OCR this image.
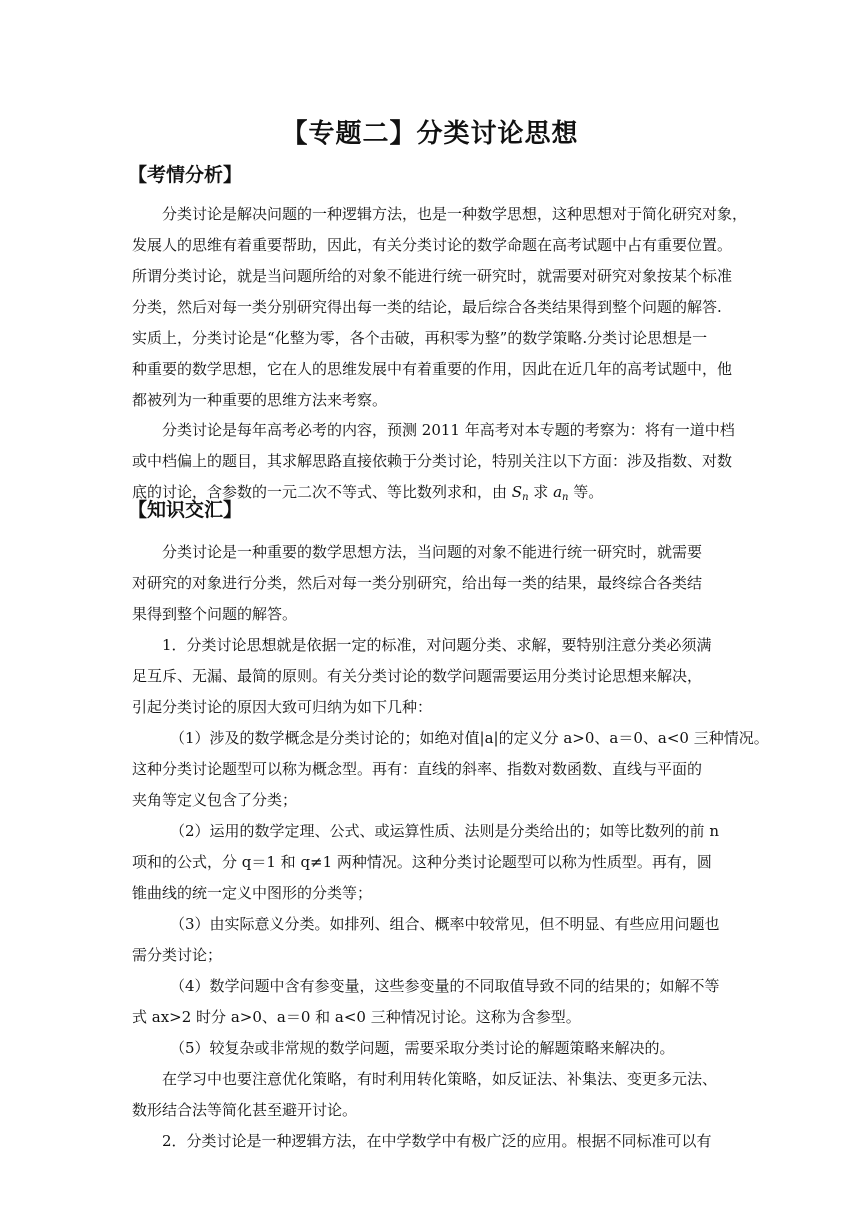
【专题二】分类讨论思想
【考情分析】
分类讨论是解决问题的一种逻辑方法，也是一种数学思想，这种思想对于简化研究对象，
发展人的思维有着重要帮助，因此，有关分类讨论的数学命题在高考试题中占有重要位置。
所谓分类讨论，就是当问题所给的对象不能进行统一研究时，就需要对研究对象按某个标准
分类，然后对每一类分别研究得出每一类的结论，最后综合各类结果得到整个问题的解答.
实质上，分类讨论是“化整为零，各个击破，再积零为整”的数学策略.分类讨论思想是一
种重要的数学思想，它在人的思维发展中有着重要的作用，因此在近几年的高考试题中，他
都被列为一种重要的思维方法来考察。
分类讨论是每年高考必考的内容，预测 2011 年高考对本专题的考察为：将有一道中档
或中档偏上的题目，其求解思路直接依赖于分类讨论，特别关注以下方面：涉及指数、对数
底的讨论，含参数的一元二次不等式、等比数列求和，由 $S_n$ 求 $a_n$ 等。
【知识交汇】
分类讨论是一种重要的数学思想方法，当问题的对象不能进行统一研究时，就需要
对研究的对象进行分类，然后对每一类分别研究，给出每一类的结果，最终综合各类结
果得到整个问题的解答。
1．分类讨论思想就是依据一定的标准，对问题分类、求解，要特别注意分类必须满
足互斥、无漏、最简的原则。有关分类讨论的数学问题需要运用分类讨论思想来解决，
引起分类讨论的原因大致可归纳为如下几种：
（1）涉及的数学概念是分类讨论的；如绝对值|a|的定义分 a>0、a＝0、a<0 三种情况。
这种分类讨论题型可以称为概念型。再有：直线的斜率、指数对数函数、直线与平面的
夹角等定义包含了分类；
（2）运用的数学定理、公式、或运算性质、法则是分类给出的；如等比数列的前 n
项和的公式，分 q＝1 和 q≠1 两种情况。这种分类讨论题型可以称为性质型。再有，圆
锥曲线的统一定义中图形的分类等；
（3）由实际意义分类。如排列、组合、概率中较常见，但不明显、有些应用问题也
需分类讨论；
（4）数学问题中含有参变量，这些参变量的不同取值导致不同的结果的；如解不等
式 ax>2 时分 a>0、a＝0 和 a<0 三种情况讨论。这称为含参型。
（5）较复杂或非常规的数学问题，需要采取分类讨论的解题策略来解决的。
在学习中也要注意优化策略，有时利用转化策略，如反证法、补集法、变更多元法、
数形结合法等简化甚至避开讨论。
2．分类讨论是一种逻辑方法，在中学数学中有极广泛的应用。根据不同标准可以有
